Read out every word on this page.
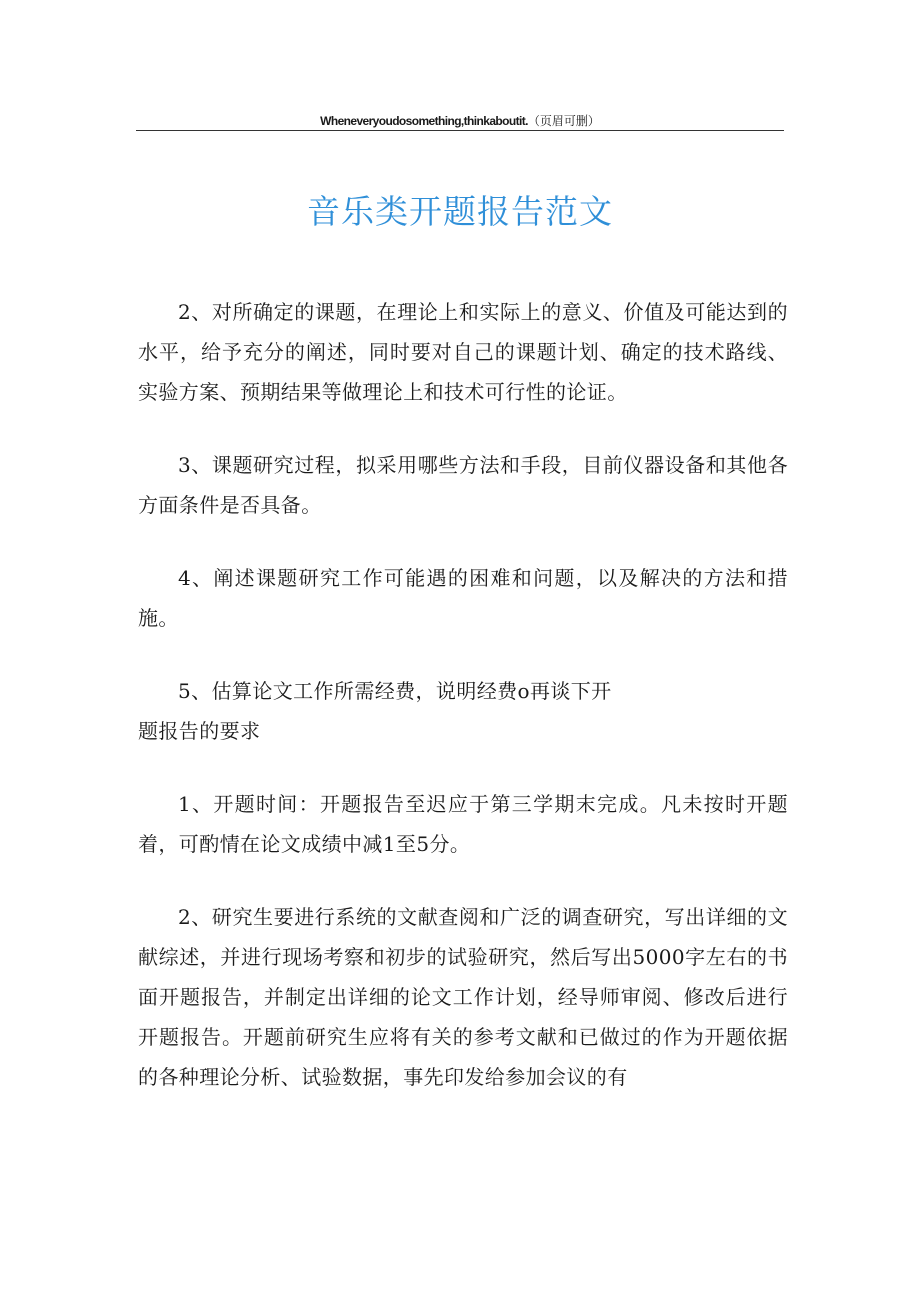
Wheneveryoudosomething,thinkaboutit.（页眉可删）
音乐类开题报告范文

2、对所确定的课题，在理论上和实际上的意义、价值及可能达到的水平，给予充分的阐述，同时要对自己的课题计划、确定的技术路线、实验方案、预期结果等做理论上和技术可行性的论证。

3、课题研究过程，拟采用哪些方法和手段，目前仪器设备和其他各方面条件是否具备。

4、阐述课题研究工作可能遇的困难和问题，以及解决的方法和措施。

5、估算论文工作所需经费，说明经费o再谈下开

题报告的要求

1、开题时间：开题报告至迟应于第三学期末完成。凡未按时开题着，可酌情在论文成绩中减1至5分。

2、研究生要进行系统的文献查阅和广泛的调查研究，写出详细的文献综述，并进行现场考察和初步的试验研究，然后写出5000字左右的书面开题报告，并制定出详细的论文工作计划，经导师审阅、修改后进行开题报告。开题前研究生应将有关的参考文献和已做过的作为开题依据的各种理论分析、试验数据，事先印发给参加会议的有
